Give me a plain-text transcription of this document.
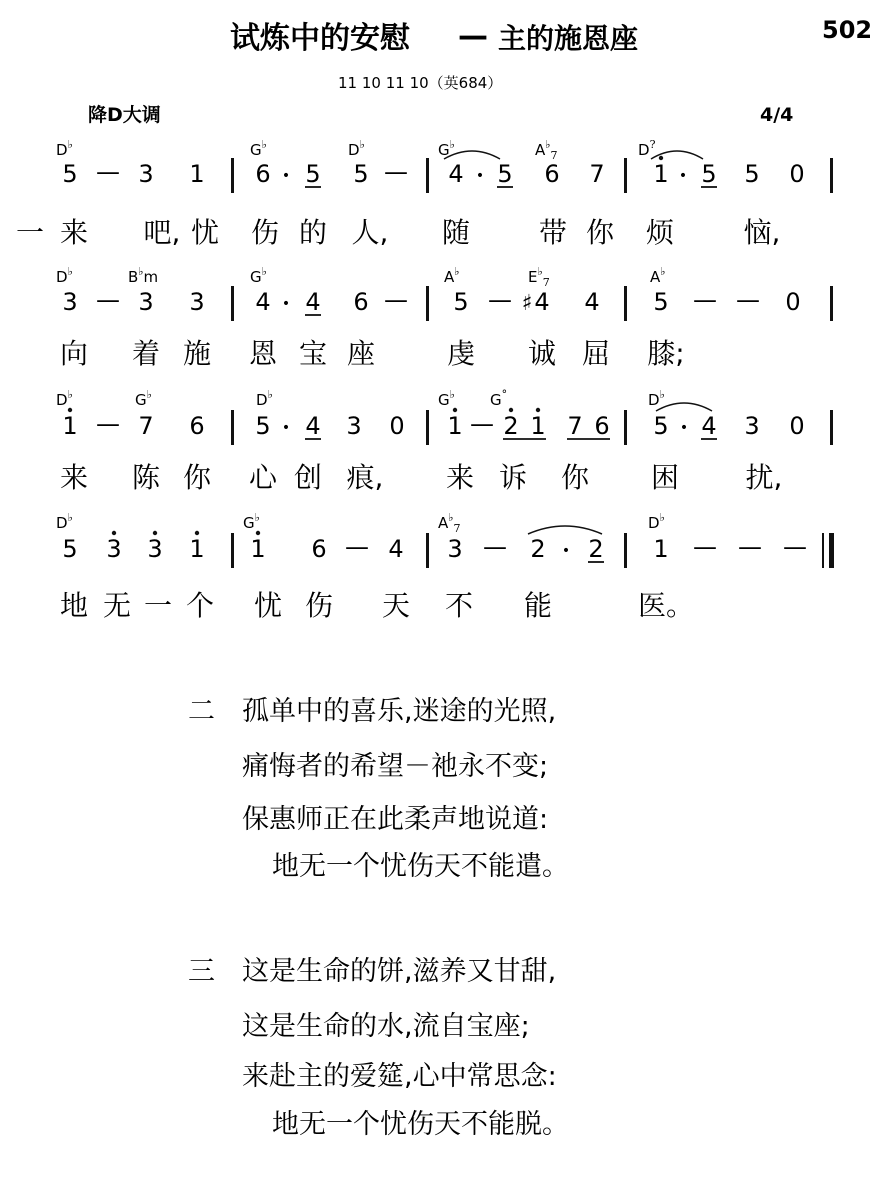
试炼中的安慰 — 主的施恩座	502
11 10 11 10（英684）
降D大调	4/4
D♭	G♭	D♭	G♭	$A^♭_7$	D?
5 — 3 1 6 • 5 5 — 4 • 5 6 7 1 • 5 5 0
一 来 吧, 忧 伤 的 人, 随 带 你 烦 恼,
D♭	B♭m	G♭	A♭	$E^♭_7$	A♭
3 — 3 3 4 • 4 6 — 5 — ♯ 4 4 5 — — 0
向 着 施 恩 宝 座	虔 诚 屈 膝;
D♭	G♭	D♭	G♭ G°	D♭
1 — 7 6 5 • 4 3 0 1 — 2 1 7 6 5 • 4 3 0
来 陈 你 心 创 痕, 来 诉 你 困 扰,
D♭	G♭	$A^♭_7$	D♭
5 3 3 1 1 6 — 4 3 — 2 • 2 1 — — —
地 无 一 个 忧 伤 天 不 能	医。
二 孤单中的喜乐,迷途的光照,
痛悔者的希望－祂永不变;
保惠师正在此柔声地说道:
地无一个忧伤天不能遣。
三 这是生命的饼,滋养又甘甜,
这是生命的水,流自宝座;
来赴主的爱筵,心中常思念:
地无一个忧伤天不能脱。
